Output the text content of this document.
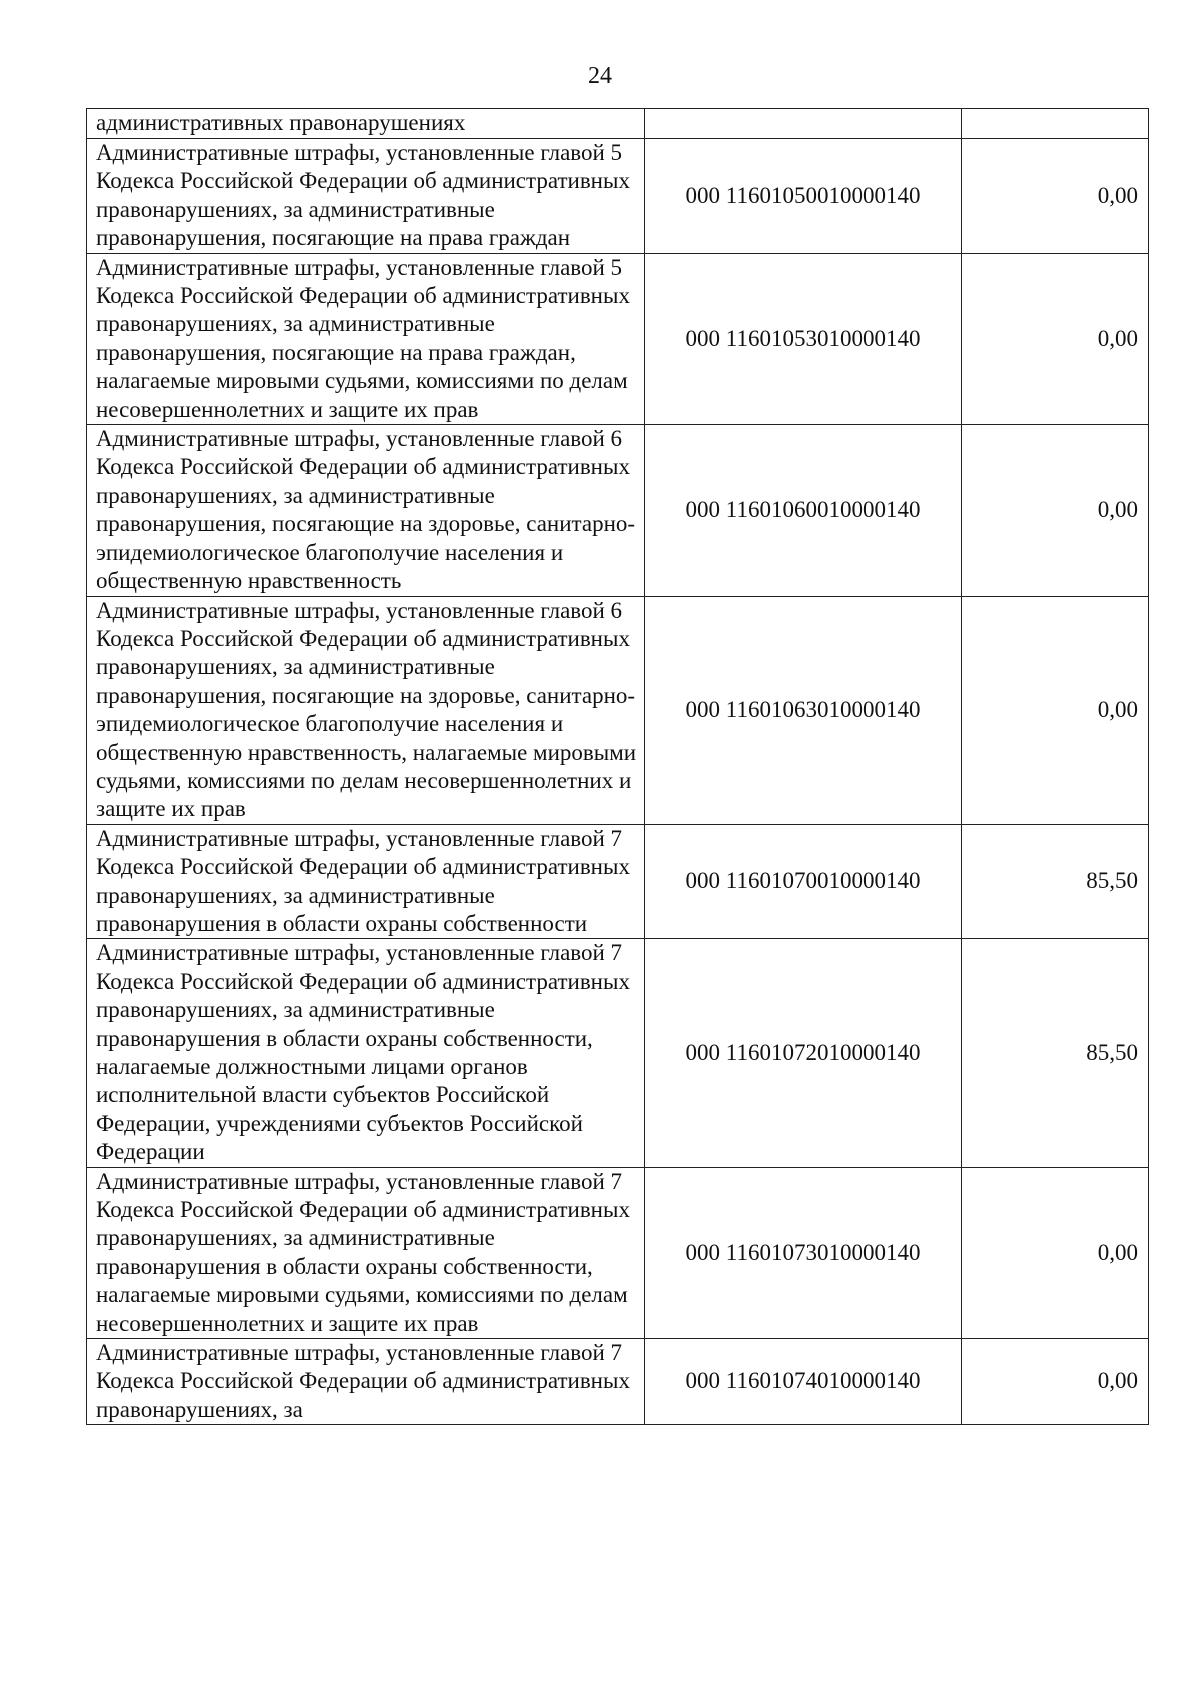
24
административных правонарушениях		
Административные штрафы, установленные главой 5 Кодекса Российской Федерации об административных правонарушениях, за административные правонарушения, посягающие на права граждан	000 11601050010000140	0,00
Административные штрафы, установленные главой 5 Кодекса Российской Федерации об административных правонарушениях, за административные правонарушения, посягающие на права граждан, налагаемые мировыми судьями, комиссиями по делам несовершеннолетних и защите их прав	000 11601053010000140	0,00
Административные штрафы, установленные главой 6 Кодекса Российской Федерации об административных правонарушениях, за административные правонарушения, посягающие на здоровье, санитарно-эпидемиологическое благополучие населения и общественную нравственность	000 11601060010000140	0,00
Административные штрафы, установленные главой 6 Кодекса Российской Федерации об административных правонарушениях, за административные правонарушения, посягающие на здоровье, санитарно-эпидемиологическое благополучие населения и общественную нравственность, налагаемые мировыми судьями, комиссиями по делам несовершеннолетних и защите их прав	000 11601063010000140	0,00
Административные штрафы, установленные главой 7 Кодекса Российской Федерации об административных правонарушениях, за административные правонарушения в области охраны собственности	000 11601070010000140	85,50
Административные штрафы, установленные главой 7 Кодекса Российской Федерации об административных правонарушениях, за административные правонарушения в области охраны собственности, налагаемые должностными лицами органов исполнительной власти субъектов Российской Федерации, учреждениями субъектов Российской Федерации	000 11601072010000140	85,50
Административные штрафы, установленные главой 7 Кодекса Российской Федерации об административных правонарушениях, за административные правонарушения в области охраны собственности, налагаемые мировыми судьями, комиссиями по делам несовершеннолетних и защите их прав	000 11601073010000140	0,00
Административные штрафы, установленные главой 7 Кодекса Российской Федерации об административных правонарушениях, за	000 11601074010000140	0,00
